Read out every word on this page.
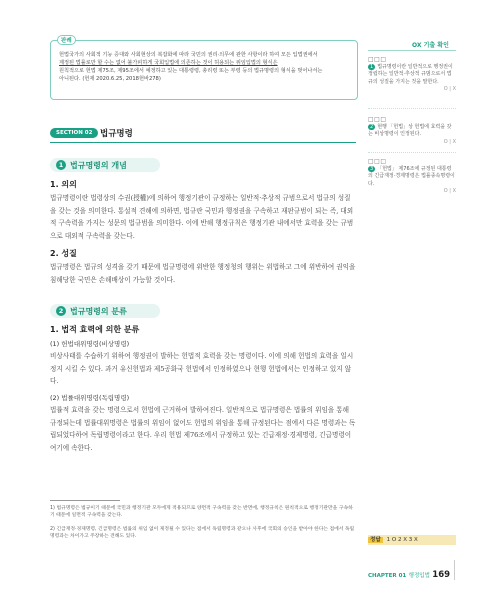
판례
헌법국가의 사회적 기능 증대와 사회현상의 복잡화에 따라 국민의 권리·의무에 관한 사항이라 하여 모든 입법권에서
제정된 법률로만 할 수는 없어 불가피하게 국회입법에 의존하는 것이 허용되는 위임입법의 형식은
원칙적으로 헌법 제75조, 제95조에서 예정하고 있는 대통령령, 총리령 또는 부령 등의 법규명령의 형식을 벗어나서는
아니된다. (헌재 2020.6.25, 2018헌바278)
OX 기출 확인
□□□
1 법규명령이란 일반적으로 행정권이 정립하는 일반적·추상적 규범으로서 법규의 성질을 가지는 것을 말한다.
O | X
□□□
2 현행 「헌법」상 헌법에 효력을 갖는 비상명령이 인정된다.
O | X
□□□
3 「헌법」 제76조에 규정된 대통령의 긴급재정·경제명령은 법률종속명령이다.
O | X
정답 1 O 2 X 3 X
SECTION 02 법규명령
1 법규명령의 개념
1. 의의
법규명령이란 법령상의 수권(授權)에 의하여 행정기관이 규정하는 일반적·추상적 규범으로서 법규의 성질을 갖는 것을 의미한다. 통설적 견해에 의하면, 법규란 국민과 행정권을 구속하고 재판규범이 되는 즉, 대외적 구속력을 가지는 성문의 법규범을 의미한다. 이에 반해 행정규칙은 행정기관 내에서만 효력을 갖는 규범으로 대외적 구속력을 갖는다.
2. 성질
법규명령은 법규의 성격을 갖기 때문에 법규명령에 위반한 행정청의 행위는 위법하고 그에 위반하여 권익을 침해당한 국민은 손해배상이 가능할 것이다.
2 법규명령의 분류
1. 법적 효력에 의한 분류
(1) 헌법대위명령(비상명령)
비상사태를 수습하기 위하여 행정권이 발하는 헌법적 효력을 갖는 명령이다. 이에 의해 헌법의 효력을 일시정지 시킬 수 있다. 과거 유신헌법과 제5공화국 헌법에서 인정하였으나 현행 헌법에서는 인정하고 있지 않다.
(2) 법률대위명령(독립명령)
법률적 효력을 갖는 명령으로서 헌법에 근거하여 발하여진다. 일반적으로 법규명령은 법률의 위임을 통해 규정되는데 법률대위명령은 법률의 위임이 없어도 헌법의 위임을 통해 규정된다는 점에서 다른 명령과는 독립되었다하여 독립명령이라고 한다. 우리 헌법 제76조에서 규정하고 있는 긴급재정·경제명령, 긴급명령이 여기에 속한다.
1) 법규명령은 법규이기 때문에 국민과 행정기관 모두에게 적용되므로 양면적 구속력을 갖는 반면에, 행정규칙은 원칙적으로 행정기관만을 구속하기 때문에 일면적 구속력을 갖는다.
2) 긴급재정·경제명령, 긴급명령은 법률의 위임 없이 제정될 수 있다는 점에서 독립명령과 같으나 사후에 국회의 승인을 받아야 한다는 점에서 독립명령과는 차이가고 주장하는 견해도 있다.
CHAPTER 01 행정입법 169
